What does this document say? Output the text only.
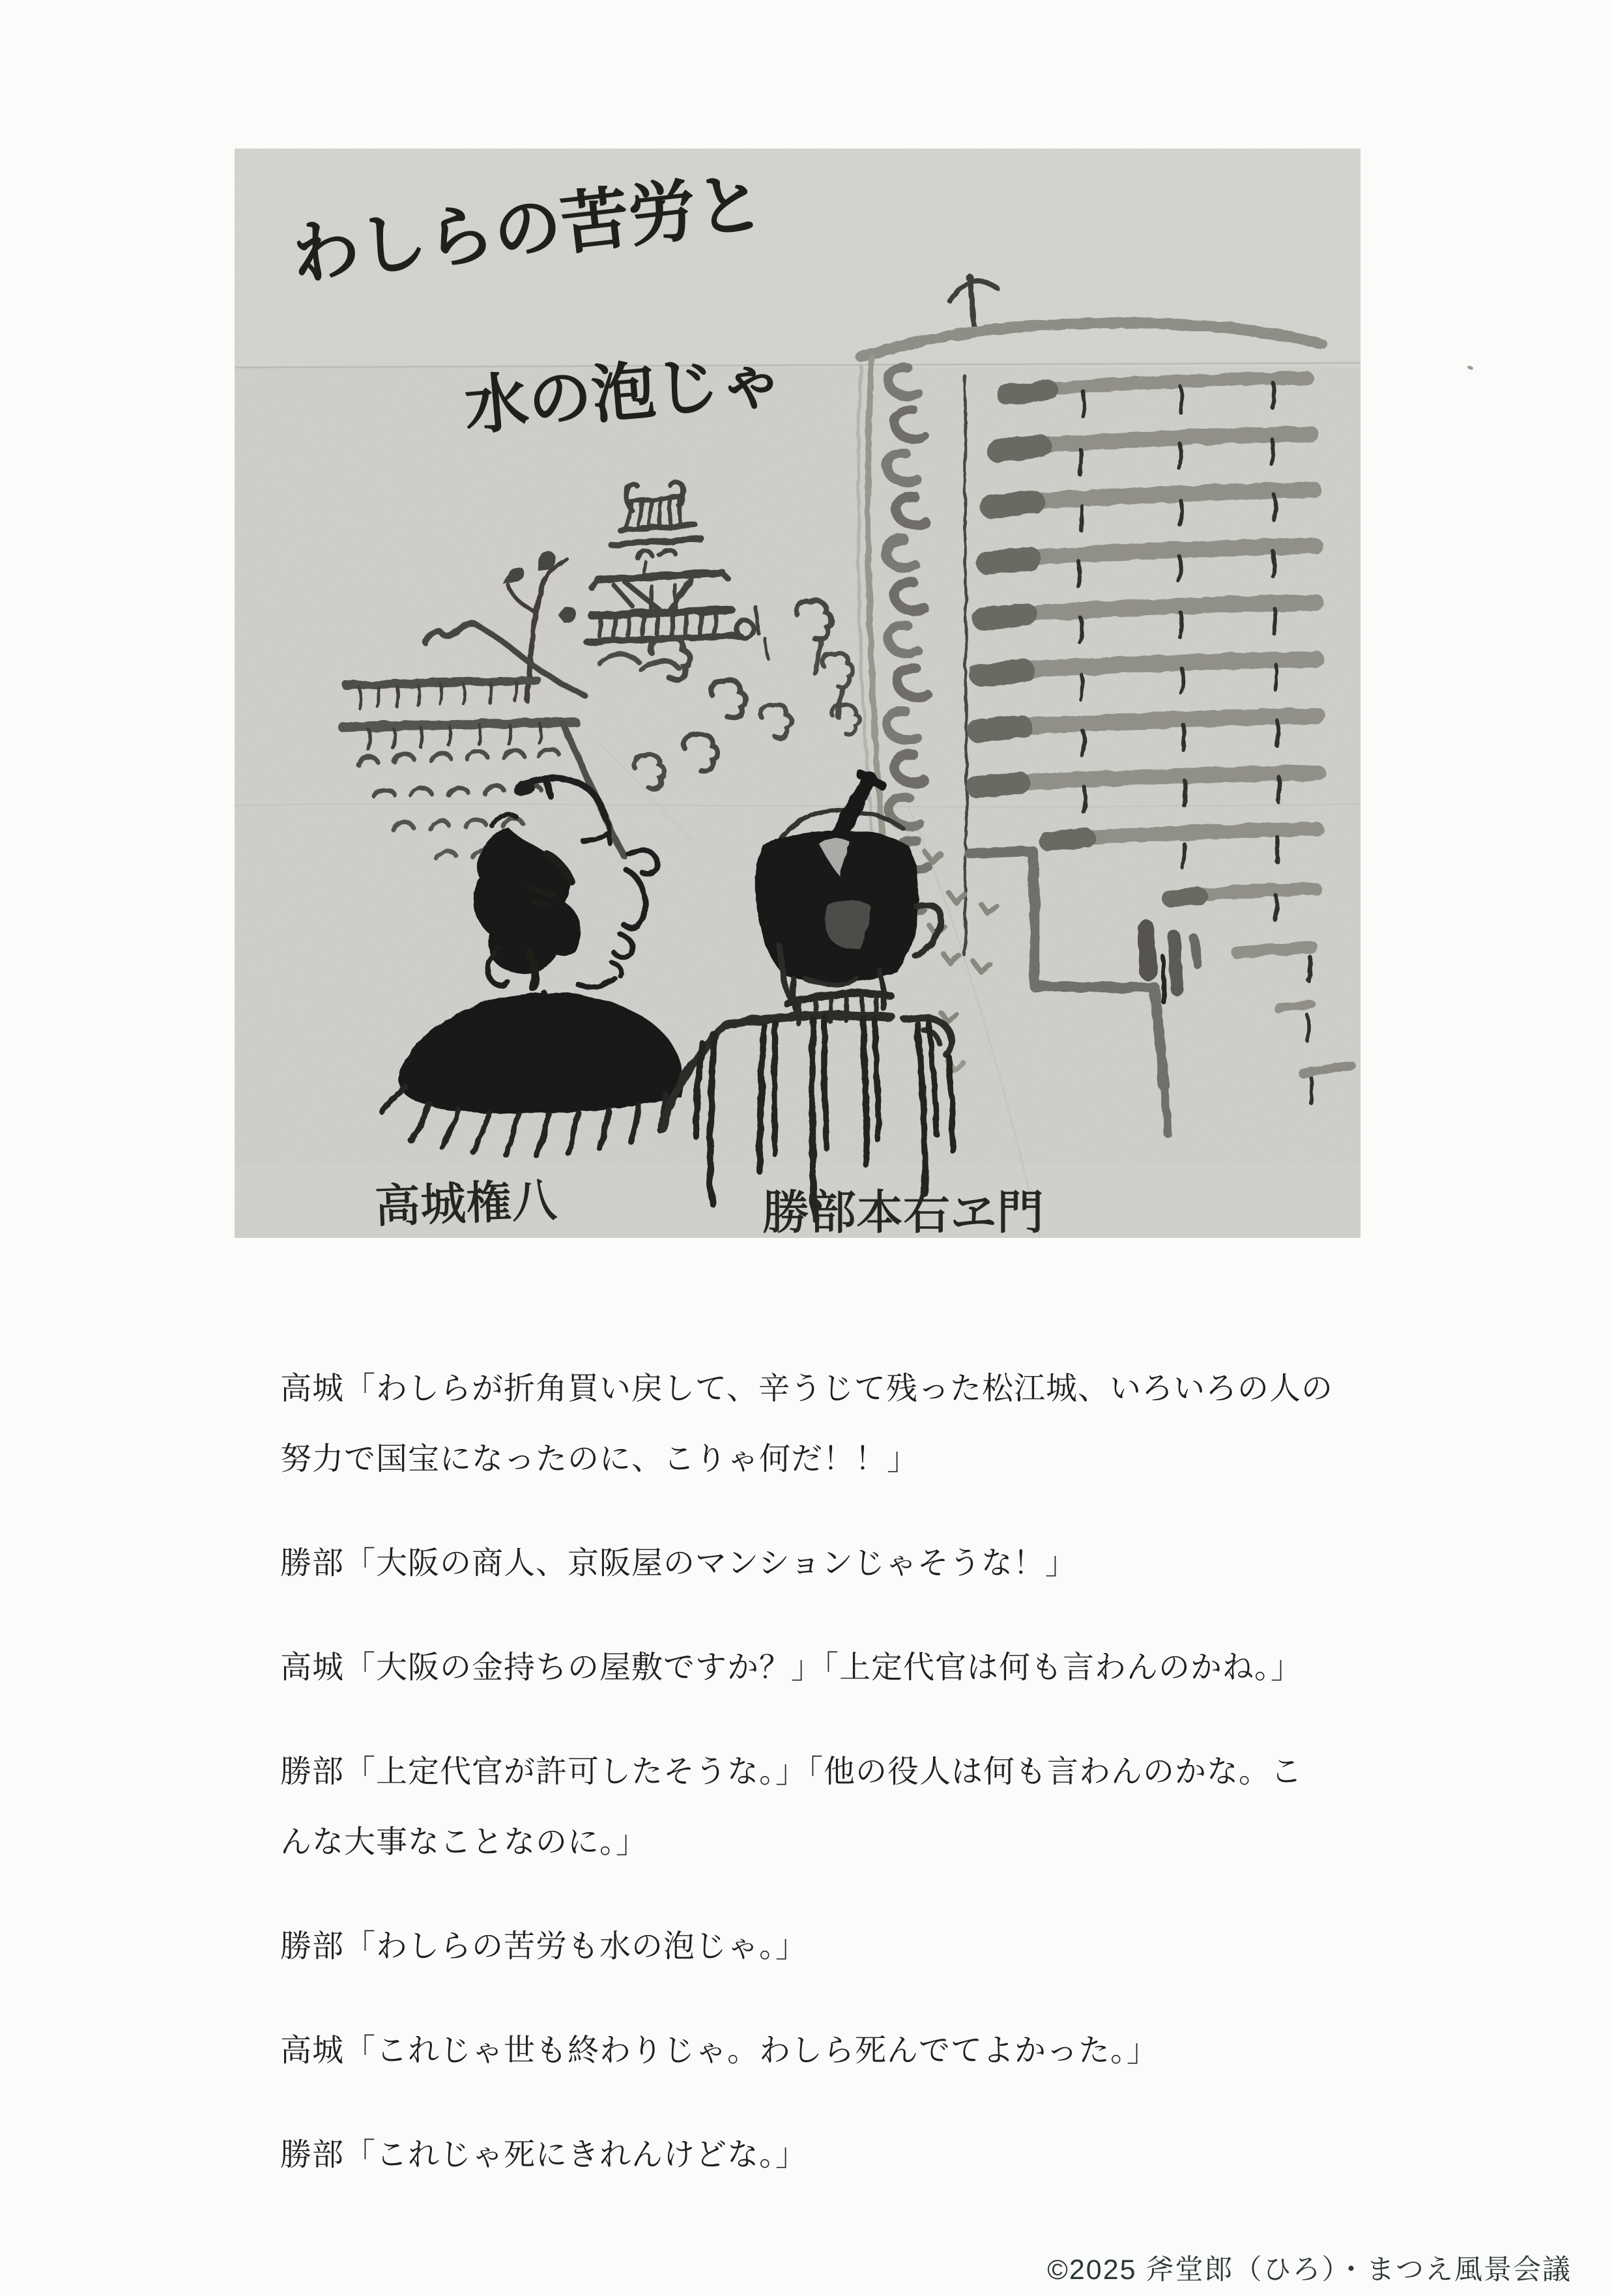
高城「わしらが折角買い戻して、辛うじて残った松江城、いろいろの人の
努力で国宝になったのに、こりゃ何だ！！」
勝部「大阪の商人、京阪屋のマンションじゃそうな！」
高城「大阪の金持ちの屋敷ですか？」「上定代官は何も言わんのかね。」
勝部「上定代官が許可したそうな。」「他の役人は何も言わんのかな。こ
んな大事なことなのに。」
勝部「わしらの苦労も水の泡じゃ。」
高城「これじゃ世も終わりじゃ。わしら死んでてよかった。」
勝部「これじゃ死にきれんけどな。」
©2025 斧堂郎（ひろ）・まつえ風景会議
